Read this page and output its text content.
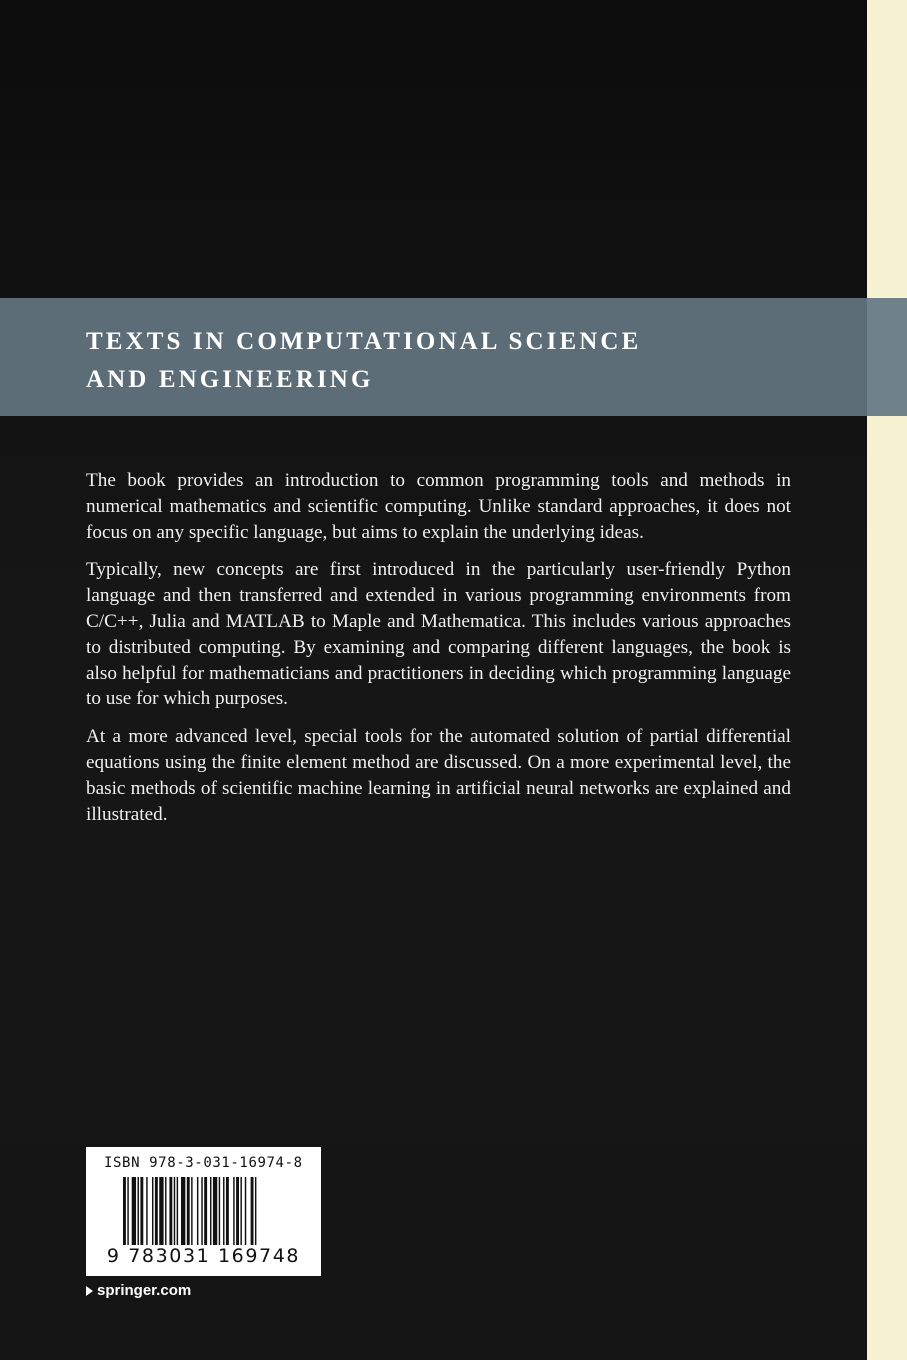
TEXTS IN COMPUTATIONAL SCIENCE
AND ENGINEERING

The book provides an introduction to common programming tools and methods in numerical mathematics and scientific computing. Unlike standard approaches, it does not focus on any specific language, but aims to explain the underlying ideas.

Typically, new concepts are first introduced in the particularly user-friendly Python language and then transferred and extended in various programming environments from C/C++, Julia and MATLAB to Maple and Mathematica. This includes various approaches to distributed computing. By examining and comparing different languages, the book is also helpful for mathematicians and practitioners in deciding which programming language to use for which purposes.

At a more advanced level, special tools for the automated solution of partial differential equations using the finite element method are discussed. On a more experimental level, the basic methods of scientific machine learning in artificial neural networks are explained and illustrated.

ISBN 978-3-031-16974-8
9 783031 169748
springer.com
